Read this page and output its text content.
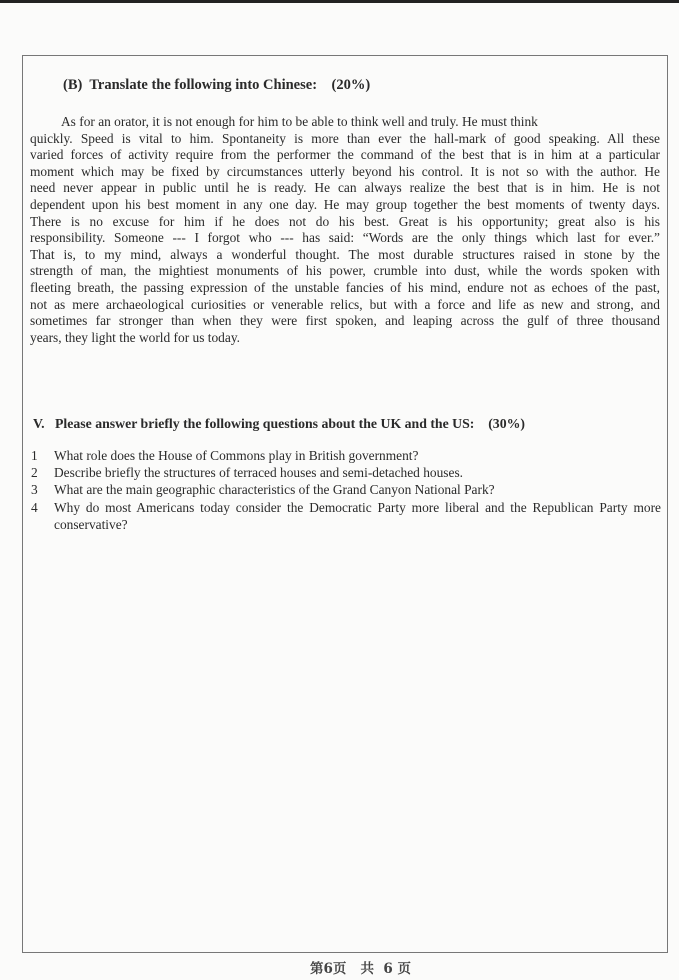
(B)  Translate the following into Chinese:    (20%)
As for an orator, it is not enough for him to be able to think well and truly. He must think
quickly. Speed is vital to him. Spontaneity is more than ever the hall-mark of good speaking. All these
varied forces of activity require from the performer the command of the best that is in him at a particular
moment which may be fixed by circumstances utterly beyond his control. It is not so with the author. He
need never appear in public until he is ready. He can always realize the best that is in him. He is not
dependent upon his best moment in any one day. He may group together the best moments of twenty days.
There is no excuse for him if he does not do his best. Great is his opportunity; great also is his
responsibility. Someone --- I forgot who --- has said: “Words are the only things which last for ever.”
That is, to my mind, always a wonderful thought. The most durable structures raised in stone by the
strength of man, the mightiest monuments of his power, crumble into dust, while the words spoken with
fleeting breath, the passing expression of the unstable fancies of his mind, endure not as echoes of the past,
not as mere archaeological curiosities or venerable relics, but with a force and life as new and strong, and
sometimes far stronger than when they were first spoken, and leaping across the gulf of three thousand
years, they light the world for us today.
V.   Please answer briefly the following questions about the UK and the US:    (30%)
1	What role does the House of Commons play in British government?
2	Describe briefly the structures of terraced houses and semi-detached houses.
3	What are the main geographic characteristics of the Grand Canyon National Park?
4	Why do most Americans today consider the Democratic Party more liberal and the Republican Party more conservative?
第6页   共  6 页
